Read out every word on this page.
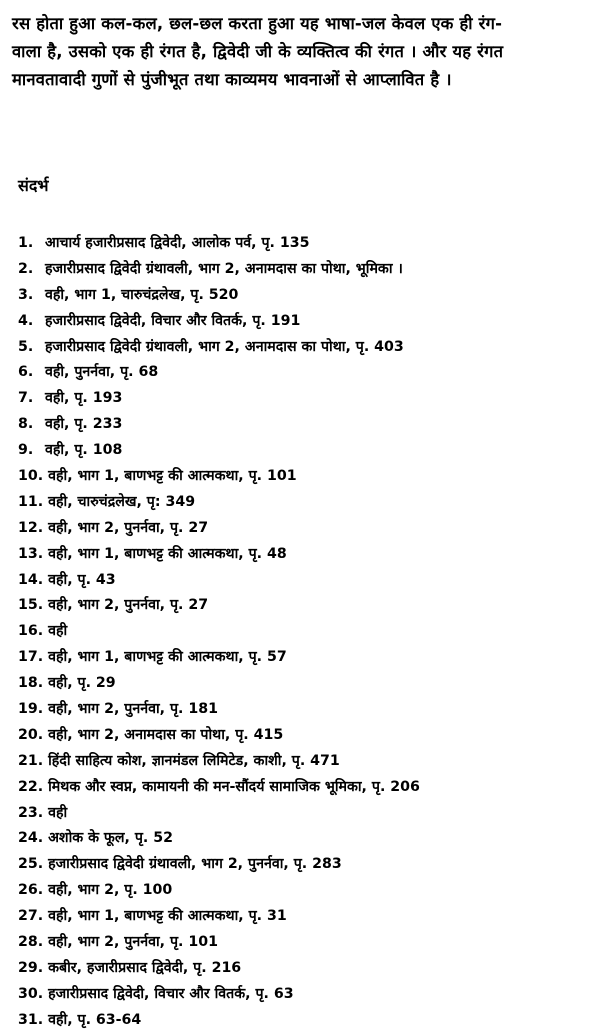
रस होता हुआ कल-कल, छल-छल करता हुआ यह भाषा-जल केवल एक ही रंग-

वाला है, उसको एक ही रंगत है, द्विवेदी जी के व्यक्तित्व की रंगत । और यह रंगत

मानवतावादी गुणों से पुंजीभूत तथा काव्यमय भावनाओं से आप्लावित है ।

संदर्भ
1. आचार्य हजारीप्रसाद द्विवेदी, आलोक पर्व, पृ. 135
2. हजारीप्रसाद द्विवेदी ग्रंथावली, भाग 2, अनामदास का पोथा, भूमिका ।
3. वही, भाग 1, चारुचंद्रलेख, पृ. 520
4. हजारीप्रसाद द्विवेदी, विचार और वितर्क, पृ. 191
5. हजारीप्रसाद द्विवेदी ग्रंथावली, भाग 2, अनामदास का पोथा, पृ. 403
6. वही, पुनर्नवा, पृ. 68
7. वही, पृ. 193
8. वही, पृ. 233
9. वही, पृ. 108
10. वही, भाग 1, बाणभट्ट की आत्मकथा, पृ. 101
11. वही, चारुचंद्रलेख, पृ: 349
12. वही, भाग 2, पुनर्नवा, पृ. 27
13. वही, भाग 1, बाणभट्ट की आत्मकथा, पृ. 48
14. वही, पृ. 43
15. वही, भाग 2, पुनर्नवा, पृ. 27
16. वही
17. वही, भाग 1, बाणभट्ट की आत्मकथा, पृ. 57
18. वही, पृ. 29
19. वही, भाग 2, पुनर्नवा, पृ. 181
20. वही, भाग 2, अनामदास का पोथा, पृ. 415
21. हिंदी साहित्य कोश, ज्ञानमंडल लिमिटेड, काशी, पृ. 471
22. मिथक और स्वप्न, कामायनी की मन-सौंदर्य सामाजिक भूमिका, पृ. 206
23. वही
24. अशोक के फूल, पृ. 52
25. हजारीप्रसाद द्विवेदी ग्रंथावली, भाग 2, पुनर्नवा, पृ. 283
26. वही, भाग 2, पृ. 100
27. वही, भाग 1, बाणभट्ट की आत्मकथा, पृ. 31
28. वही, भाग 2, पुनर्नवा, पृ. 101
29. कबीर, हजारीप्रसाद द्विवेदी, पृ. 216
30. हजारीप्रसाद द्विवेदी, विचार और वितर्क, पृ. 63
31. वही, पृ. 63-64
